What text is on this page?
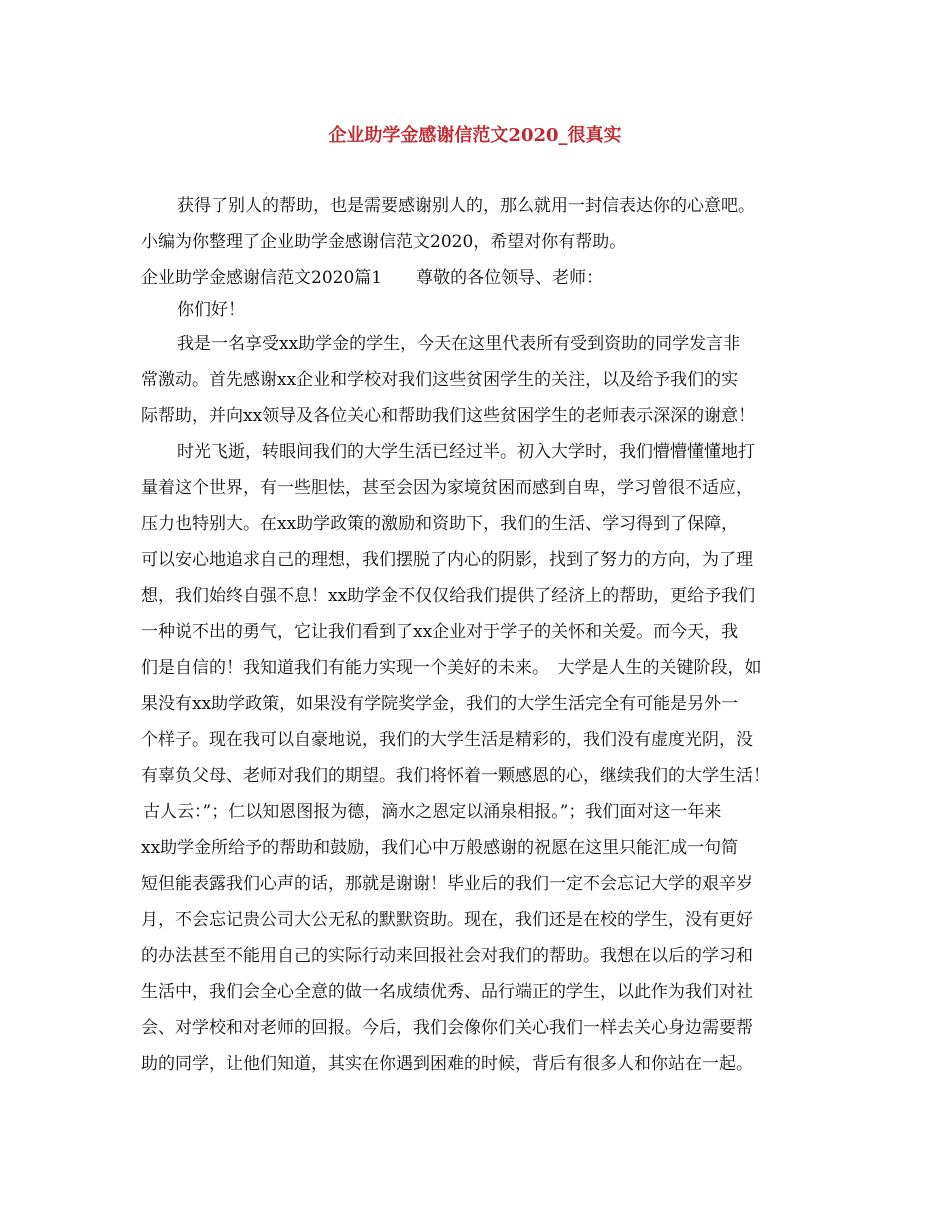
企业助学金感谢信范文2020_很真实

获得了别人的帮助，也是需要感谢别人的，那么就用一封信表达你的心意吧。

小编为你整理了企业助学金感谢信范文2020，希望对你有帮助。

企业助学金感谢信范文2020篇1　　尊敬的各位领导、老师：

你们好！

我是一名享受xx助学金的学生，今天在这里代表所有受到资助的同学发言非

常激动。首先感谢xx企业和学校对我们这些贫困学生的关注，以及给予我们的实

际帮助，并向xx领导及各位关心和帮助我们这些贫困学生的老师表示深深的谢意！

时光飞逝，转眼间我们的大学生活已经过半。初入大学时，我们懵懵懂懂地打

量着这个世界，有一些胆怯，甚至会因为家境贫困而感到自卑，学习曾很不适应，

压力也特别大。在xx助学政策的激励和资助下，我们的生活、学习得到了保障，

可以安心地追求自己的理想，我们摆脱了内心的阴影，找到了努力的方向，为了理

想，我们始终自强不息！xx助学金不仅仅给我们提供了经济上的帮助，更给予我们

一种说不出的勇气，它让我们看到了xx企业对于学子的关怀和关爱。而今天，我

们是自信的！我知道我们有能力实现一个美好的未来。　大学是人生的关键阶段，如

果没有xx助学政策，如果没有学院奖学金，我们的大学生活完全有可能是另外一

个样子。现在我可以自豪地说，我们的大学生活是精彩的，我们没有虚度光阴，没

有辜负父母、老师对我们的期望。我们将怀着一颗感恩的心，继续我们的大学生活！

古人云：”；仁以知恩图报为德，滴水之恩定以涌泉相报。”；我们面对这一年来

xx助学金所给予的帮助和鼓励，我们心中万般感谢的祝愿在这里只能汇成一句简

短但能表露我们心声的话，那就是谢谢！毕业后的我们一定不会忘记大学的艰辛岁

月，不会忘记贵公司大公无私的默默资助。现在，我们还是在校的学生，没有更好

的办法甚至不能用自己的实际行动来回报社会对我们的帮助。我想在以后的学习和

生活中，我们会全心全意的做一名成绩优秀、品行端正的学生，以此作为我们对社

会、对学校和对老师的回报。今后，我们会像你们关心我们一样去关心身边需要帮

助的同学，让他们知道，其实在你遇到困难的时候，背后有很多人和你站在一起。
